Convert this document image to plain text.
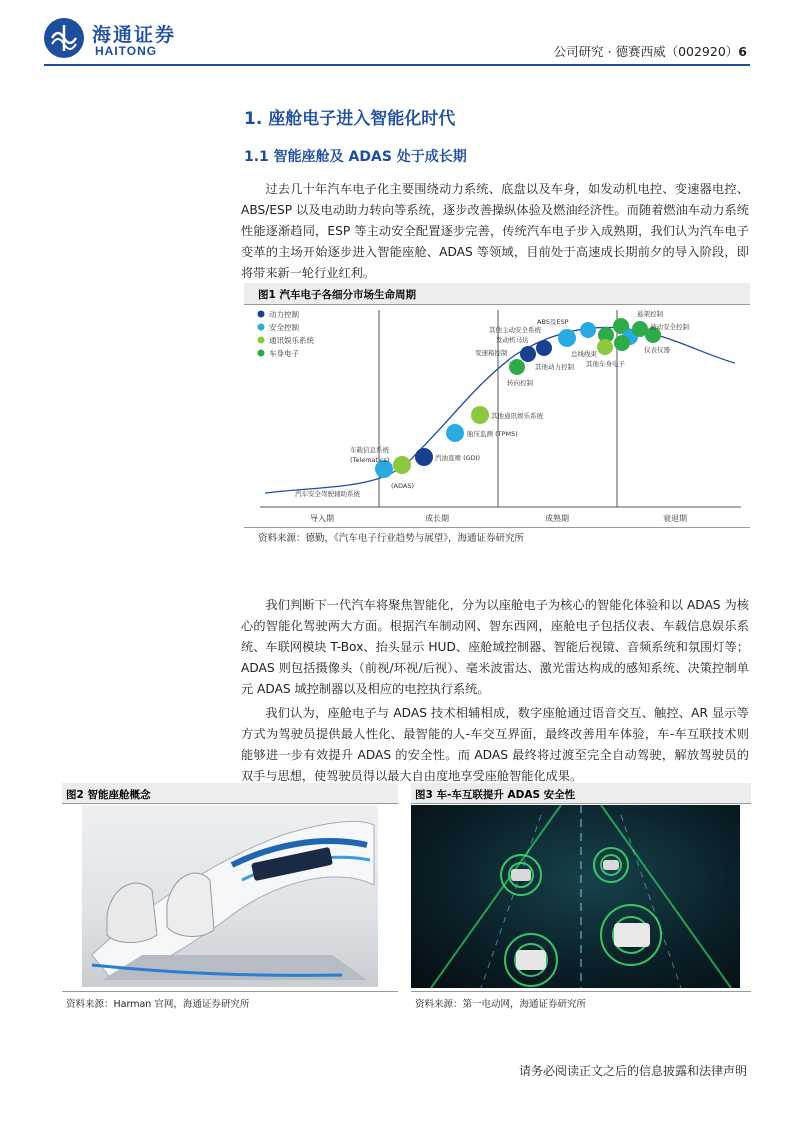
海通证券
HAITONG	公司研究 · 德赛西威（002920）6
1. 座舱电子进入智能化时代
1.1 智能座舱及 ADAS 处于成长期

过去几十年汽车电子化主要围绕动力系统、底盘以及车身，如发动机电控、变速器电控、ABS/ESP 以及电动助力转向等系统，逐步改善操纵体验及燃油经济性。而随着燃油车动力系统性能逐渐趋同，ESP 等主动安全配置逐步完善，传统汽车电子步入成熟期，我们认为汽车电子变革的主场开始逐步进入智能座舱、ADAS 等领域，目前处于高速成长期前夕的导入阶段，即将带来新一轮行业红利。

图1 汽车电子各细分市场生命周期
动力控制
安全控制
通讯娱乐系统
车身电子
导入期	成长期	成熟期	衰退期
汽车安全驾驶辅助系统
(ADAS)
车载信息系统
(Telematics)	汽油直喷 (GDI)
胎压监测 (TPMS)
其他通讯娱乐系统
转向控制
变速箱控制
其他动力控制
发动机马达
其他主动安全系统
ABS及ESP
总线线束
其他车身电子
悬架控制
被动安全控制
仪表仪器
资料来源：德勤，《汽车电子行业趋势与展望》，海通证券研究所

我们判断下一代汽车将聚焦智能化，分为以座舱电子为核心的智能化体验和以 ADAS 为核心的智能化驾驶两大方面。根据汽车制动网、智东西网，座舱电子包括仪表、车载信息娱乐系统、车联网模块 T-Box、抬头显示 HUD、座舱域控制器、智能后视镜、音频系统和氛围灯等；ADAS 则包括摄像头（前视/环视/后视）、毫米波雷达、激光雷达构成的感知系统、决策控制单元 ADAS 域控制器以及相应的电控执行系统。

我们认为，座舱电子与 ADAS 技术相辅相成，数字座舱通过语音交互、触控、AR 显示等方式为驾驶员提供最人性化、最智能的人-车交互界面，最终改善用车体验，车-车互联技术则能够进一步有效提升 ADAS 的安全性。而 ADAS 最终将过渡至完全自动驾驶，解放驾驶员的双手与思想，使驾驶员得以最大自由度地享受座舱智能化成果。

图2 智能座舱概念
资料来源：Harman 官网，海通证券研究所
图3 车-车互联提升 ADAS 安全性
资料来源：第一电动网，海通证券研究所
请务必阅读正文之后的信息披露和法律声明
